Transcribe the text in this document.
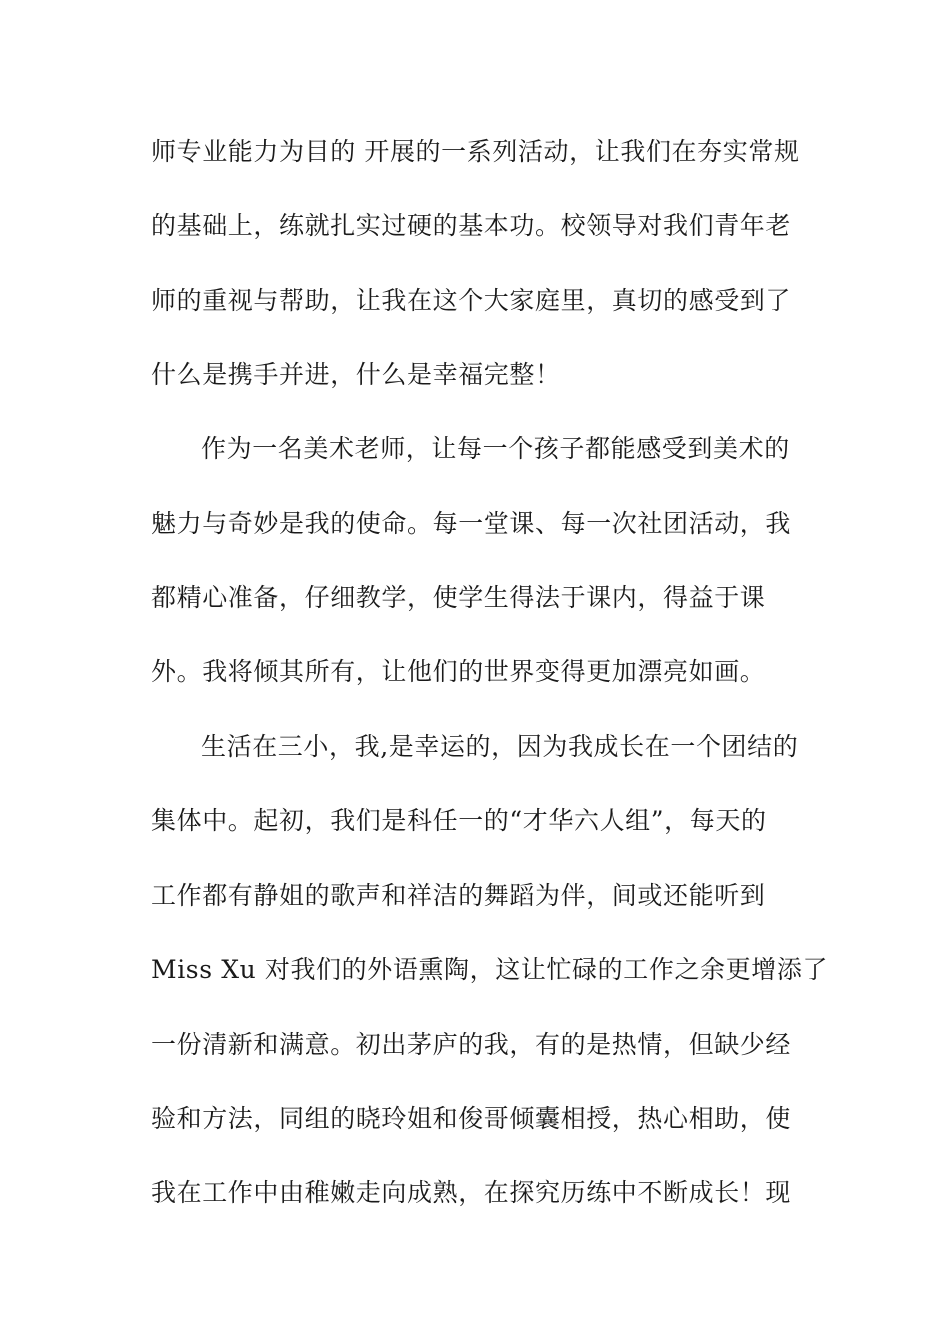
师专业能力为目的 开展的一系列活动，让我们在夯实常规
的基础上，练就扎实过硬的基本功。校领导对我们青年老
师的重视与帮助，让我在这个大家庭里，真切的感受到了
什么是携手并进，什么是幸福完整！
作为一名美术老师，让每一个孩子都能感受到美术的
魅力与奇妙是我的使命。每一堂课、每一次社团活动，我
都精心准备，仔细教学，使学生得法于课内，得益于课
外。我将倾其所有，让他们的世界变得更加漂亮如画。
生活在三小，我,是幸运的，因为我成长在一个团结的
集体中。起初，我们是科任一的“才华六人组”，每天的
工作都有静姐的歌声和祥洁的舞蹈为伴，间或还能听到
Miss Xu 对我们的外语熏陶，这让忙碌的工作之余更增添了
一份清新和满意。初出茅庐的我，有的是热情，但缺少经
验和方法，同组的晓玲姐和俊哥倾囊相授，热心相助，使
我在工作中由稚嫩走向成熟，在探究历练中不断成长！现
